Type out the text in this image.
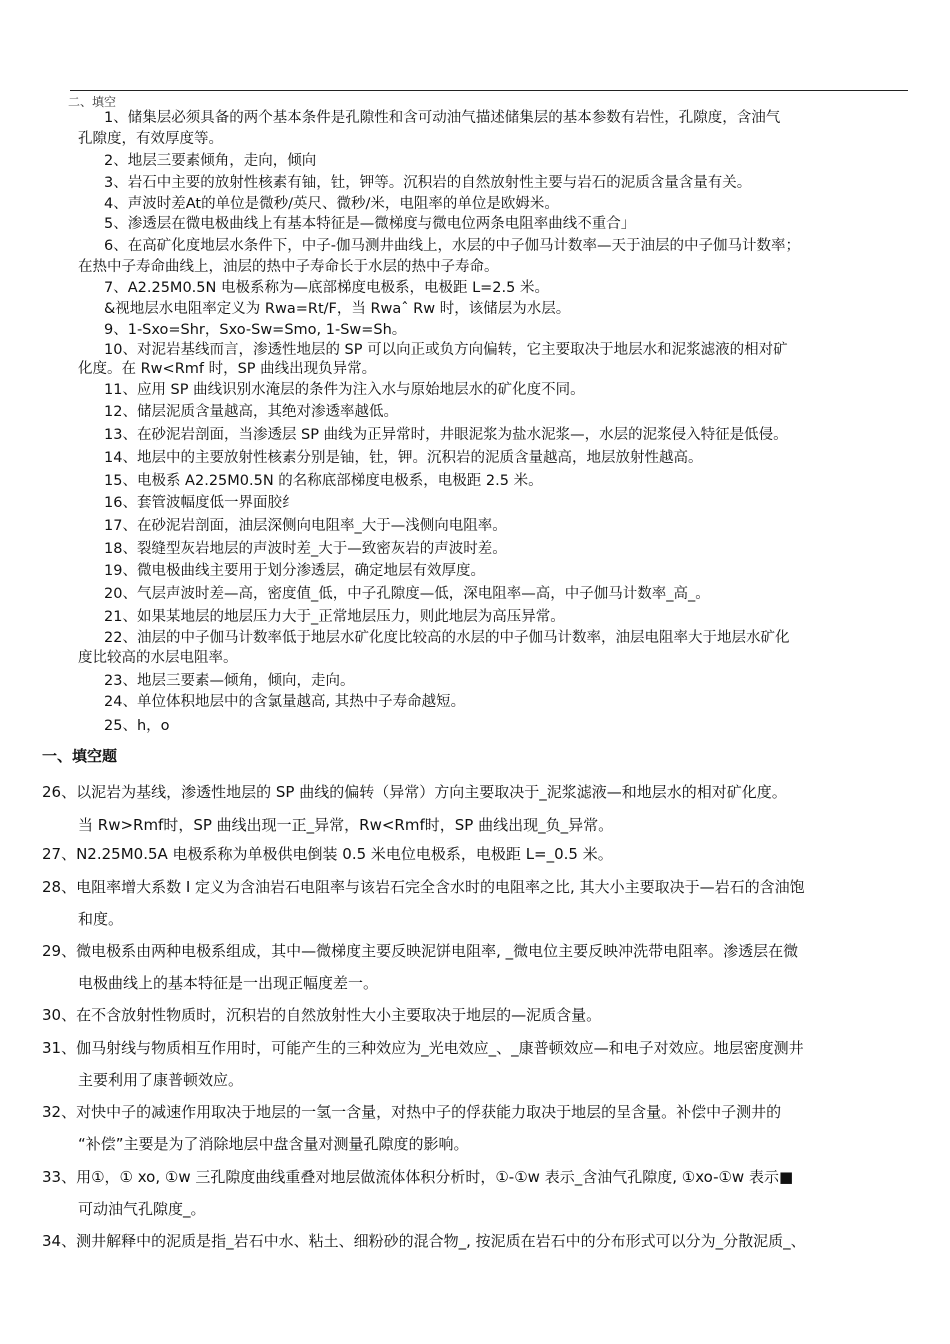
二、填空
1、储集层必须具备的两个基本条件是孔隙性和含可动油气描述储集层的基本参数有岩性，孔隙度，含油气
孔隙度，有效厚度等。
2、地层三要素倾角，走向，倾向
3、岩石中主要的放射性核素有铀，钍，钾等。沉积岩的自然放射性主要与岩石的泥质含量含量有关。
4、声波时差At的单位是微秒/英尺、微秒/米，电阻率的单位是欧姆米。
5、渗透层在微电极曲线上有基本特征是—微梯度与微电位两条电阻率曲线不重合｣
6、在高矿化度地层水条件下，中子-伽马测井曲线上，水层的中子伽马计数率—天于油层的中子伽马计数率；
在热中子寿命曲线上，油层的热中子寿命长于水层的热中子寿命。
7、A2.25M0.5N 电极系称为—底部梯度电极系，电极距 L=2.5 米。
&视地层水电阻率定义为 Rwa=Rt/F，当 Rwaˆ Rw 时，该储层为水层。
9、1-Sxo=Shr，Sxo-Sw=Smo, 1-Sw=Sh。
10、对泥岩基线而言，渗透性地层的 SP 可以向正或负方向偏转，它主要取决于地层水和泥浆滤液的相对矿
化度。在 Rw<Rmf 时，SP 曲线出现负异常。
11、应用 SP 曲线识别水淹层的条件为注入水与原始地层水的矿化度不同。
12、储层泥质含量越高，其绝对渗透率越低。
13、在砂泥岩剖面，当渗透层 SP 曲线为正异常时，井眼泥浆为盐水泥浆—，水层的泥浆侵入特征是低侵。
14、地层中的主要放射性核素分别是铀，钍，钾。沉积岩的泥质含量越高，地层放射性越高。
15、电极系 A2.25M0.5N 的名称底部梯度电极系，电极距 2.5 米。
16、套管波幅度低一界面胶纟
17、在砂泥岩剖面，油层深侧向电阻率_大于—浅侧向电阻率。
18、裂缝型灰岩地层的声波时差_大于—致密灰岩的声波时差。
19、微电极曲线主要用于划分渗透层，确定地层有效厚度。
20、气层声波时差—高，密度值_低，中子孔隙度—低，深电阻率—高，中子伽马计数率_高_。
21、如果某地层的地层压力大于_正常地层压力，则此地层为高压异常。
22、油层的中子伽马计数率低于地层水矿化度比较高的水层的中子伽马计数率，油层电阻率大于地层水矿化
度比较高的水层电阻率。
23、地层三要素—倾角，倾向，走向。
24、单位体积地层中的含氯量越高, 其热中子寿命越短。
25、h，o
一、填空题
26、以泥岩为基线，渗透性地层的 SP 曲线的偏转（异常）方向主要取决于_泥浆滤液—和地层水的相对矿化度。
当 Rw>Rmf时，SP 曲线出现一正_异常，Rw<Rmf时，SP 曲线出现_负_异常。
27、N2.25M0.5A 电极系称为单极供电倒装 0.5 米电位电极系，电极距 L=_0.5 米。
28、电阻率增大系数 I 定义为含油岩石电阻率与该岩石完全含水时的电阻率之比, 其大小主要取决于—岩石的含油饱
和度。
29、微电极系由两种电极系组成，其中—微梯度主要反映泥饼电阻率, _微电位主要反映冲洗带电阻率。渗透层在微
电极曲线上的基本特征是一出现正幅度差一。
30、在不含放射性物质时，沉积岩的自然放射性大小主要取决于地层的—泥质含量。
31、伽马射线与物质相互作用时，可能产生的三种效应为_光电效应_、_康普顿效应—和电子对效应。地层密度测井
主要利用了康普顿效应。
32、对快中子的减速作用取决于地层的一氢一含量，对热中子的俘获能力取决于地层的呈含量。补偿中子测井的
“补偿”主要是为了消除地层中盘含量对测量孔隙度的影响。
33、用①，① xo, ①w 三孔隙度曲线重叠对地层做流体体积分析时，①-①w 表示_含油气孔隙度, ①xo-①w 表示■
可动油气孔隙度_。
34、测井解释中的泥质是指_岩石中水、粘土、细粉砂的混合物_, 按泥质在岩石中的分布形式可以分为_分散泥质_、
